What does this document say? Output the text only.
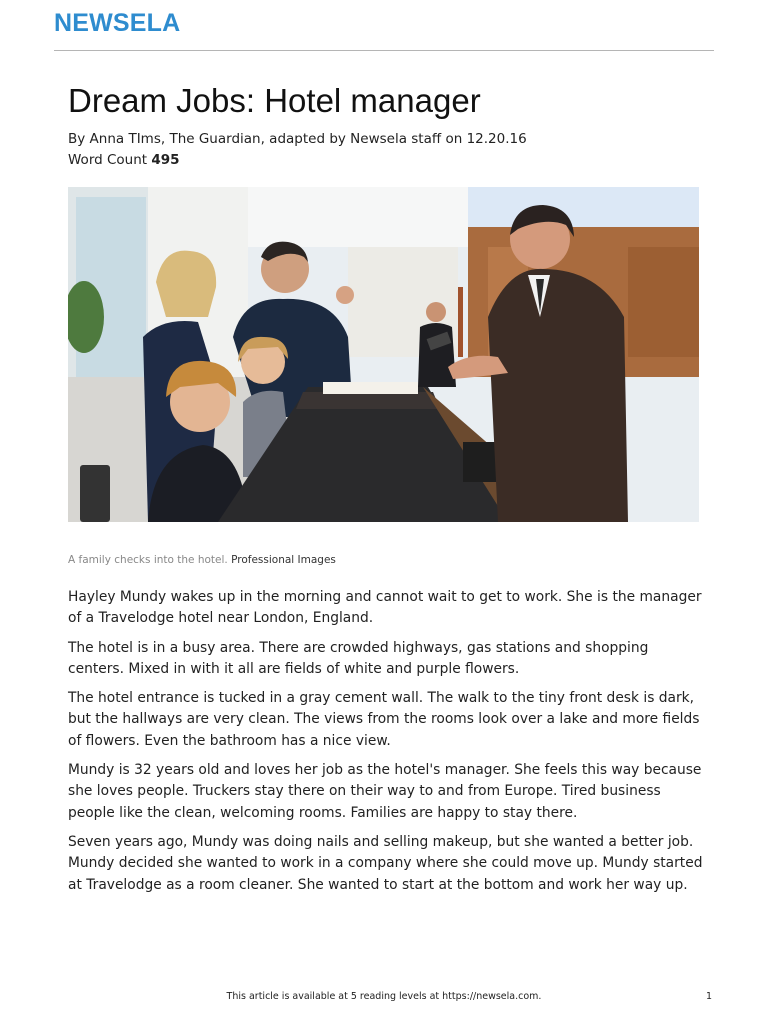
NEWSELA
Dream Jobs: Hotel manager
By Anna TIms, The Guardian, adapted by Newsela staff on 12.20.16
Word Count 495
A family checks into the hotel. Professional Images

Hayley Mundy wakes up in the morning and cannot wait to get to work. She is the manager of a Travelodge hotel near London, England.

The hotel is in a busy area. There are crowded highways, gas stations and shopping centers. Mixed in with it all are fields of white and purple flowers.

The hotel entrance is tucked in a gray cement wall. The walk to the tiny front desk is dark, but the hallways are very clean. The views from the rooms look over a lake and more fields of flowers. Even the bathroom has a nice view.

Mundy is 32 years old and loves her job as the hotel's manager. She feels this way because she loves people. Truckers stay there on their way to and from Europe. Tired business people like the clean, welcoming rooms. Families are happy to stay there.

Seven years ago, Mundy was doing nails and selling makeup, but she wanted a better job. Mundy decided she wanted to work in a company where she could move up. Mundy started at Travelodge as a room cleaner. She wanted to start at the bottom and work her way up.

This article is available at 5 reading levels at https://newsela.com.	1
